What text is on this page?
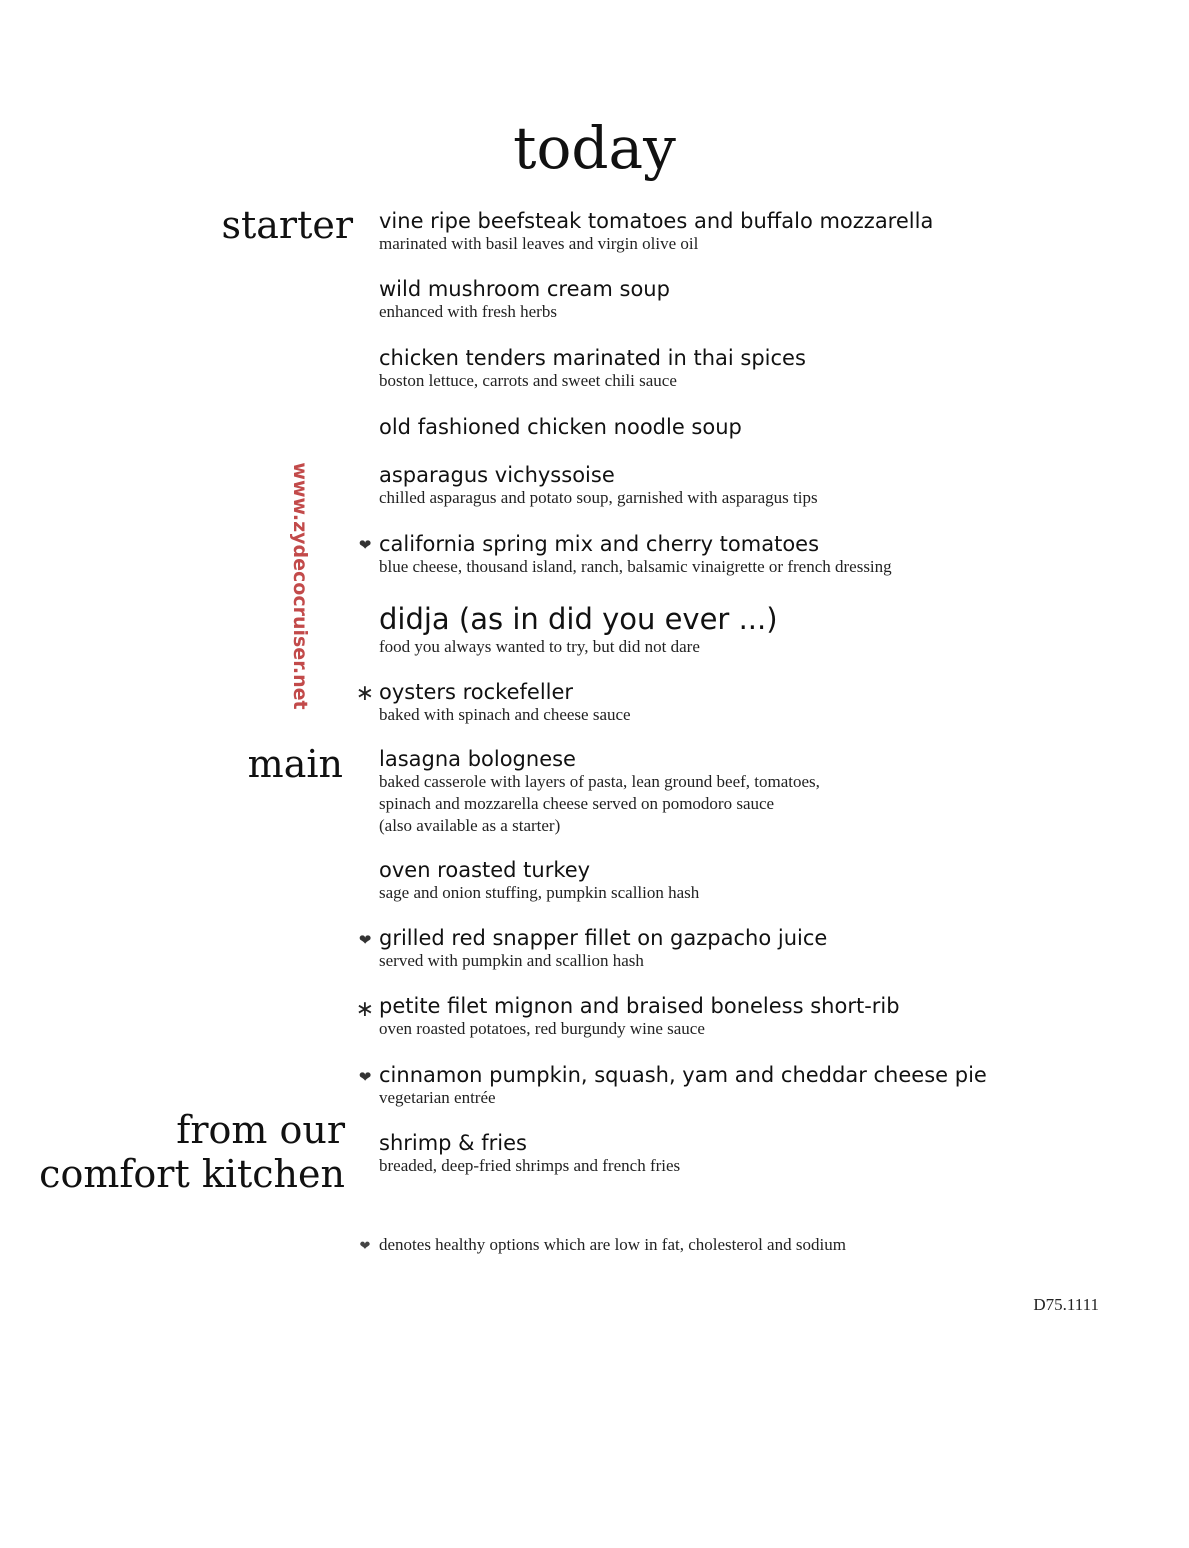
today
starter
main
from our
comfort kitchen
www.zydecocruiser.net
vine ripe beefsteak tomatoes and buffalo mozzarella
marinated with basil leaves and virgin olive oil
wild mushroom cream soup
enhanced with fresh herbs
chicken tenders marinated in thai spices
boston lettuce, carrots and sweet chili sauce
old fashioned chicken noodle soup
asparagus vichyssoise
chilled asparagus and potato soup, garnished with asparagus tips
❤︎ california spring mix and cherry tomatoes
blue cheese, thousand island, ranch, balsamic vinaigrette or french dressing
didja (as in did you ever ...)
food you always wanted to try, but did not dare
∗ oysters rockefeller
baked with spinach and cheese sauce
lasagna bolognese
baked casserole with layers of pasta, lean ground beef, tomatoes,
spinach and mozzarella cheese served on pomodoro sauce
(also available as a starter)
oven roasted turkey
sage and onion stuffing, pumpkin scallion hash
❤︎ grilled red snapper fillet on gazpacho juice
served with pumpkin and scallion hash
∗ petite filet mignon and braised boneless short-rib
oven roasted potatoes, red burgundy wine sauce
❤︎ cinnamon pumpkin, squash, yam and cheddar cheese pie
vegetarian entrée
shrimp & fries
breaded, deep-fried shrimps and french fries
❤︎ denotes healthy options which are low in fat, cholesterol and sodium
D75.1111
